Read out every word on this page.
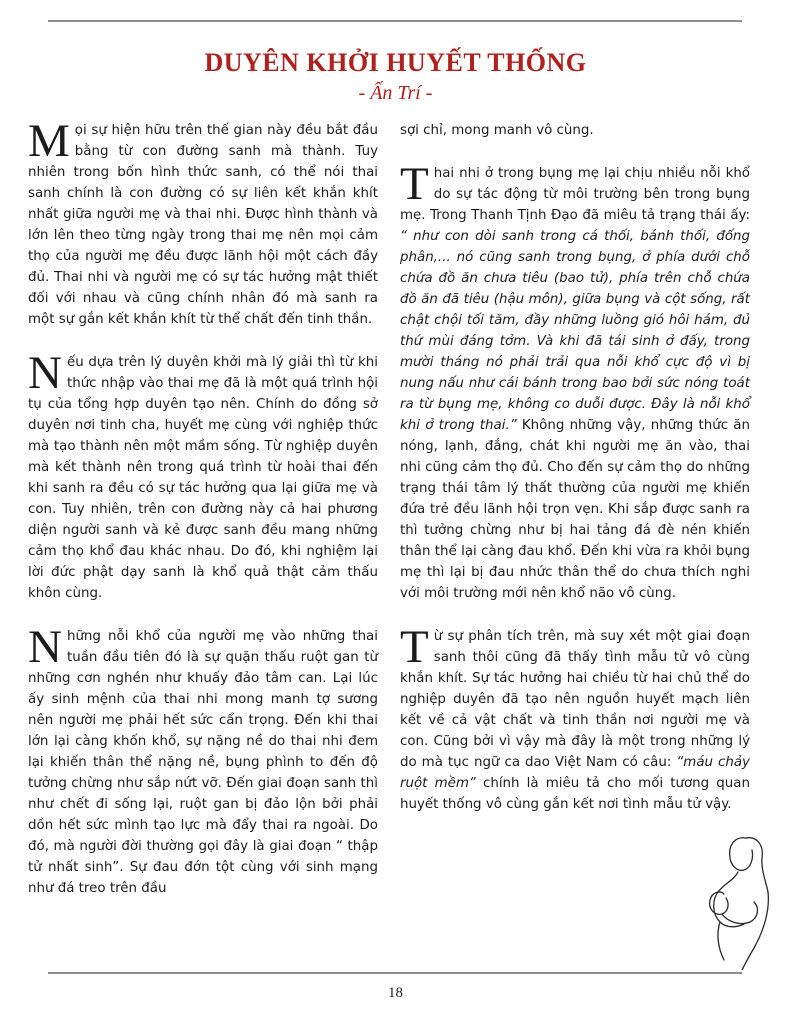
DUYÊN KHỞI HUYẾT THỐNG
- Ấn Trí -

Mọi sự hiện hữu trên thế gian này đều bắt đầu bằng từ con đường sanh mà thành. Tuy nhiên trong bốn hình thức sanh, có thể nói thai sanh chính là con đường có sự liên kết khắn khít nhất giữa người mẹ và thai nhi. Được hình thành và lớn lên theo từng ngày trong thai mẹ nên mọi cảm thọ của người mẹ đều được lãnh hội một cách đầy đủ. Thai nhi và người mẹ có sự tác hưởng mật thiết đối với nhau và cũng chính nhân đó mà sanh ra một sự gắn kết khắn khít từ thể chất đến tinh thần.

Nếu dựa trên lý duyên khởi mà lý giải thì từ khi thức nhập vào thai mẹ đã là một quá trình hội tụ của tổng hợp duyên tạo nên. Chính do đồng sở duyên nơi tinh cha, huyết mẹ cùng với nghiệp thức mà tạo thành nên một mầm sống. Từ nghiệp duyên mà kết thành nên trong quá trình từ hoài thai đến khi sanh ra đều có sự tác hưởng qua lại giữa mẹ và con. Tuy nhiên, trên con đường này cả hai phương diện người sanh và kẻ được sanh đều mang những cảm thọ khổ đau khác nhau. Do đó, khi nghiệm lại lời đức phật dạy sanh là khổ quả thật cảm thấu khôn cùng.

Những nỗi khổ của người mẹ vào những thai tuần đầu tiên đó là sự quặn thấu ruột gan từ những cơn nghén như khuấy đảo tâm can. Lại lúc ấy sinh mệnh của thai nhi mong manh tợ sương nên người mẹ phải hết sức cẩn trọng. Đến khi thai lớn lại càng khốn khổ, sự nặng nề do thai nhi đem lại khiến thân thể nặng nề, bụng phình to đến độ tưởng chừng như sắp nứt vỡ. Đến giai đoạn sanh thì như chết đi sống lại, ruột gan bị đảo lộn bởi phải dồn hết sức mình tạo lực mà đẩy thai ra ngoài. Do đó, mà người đời thường gọi đây là giai đoạn “ thập tử nhất sinh”. Sự đau đớn tột cùng với sinh mạng như đá treo trên đầu

sợi chỉ, mong manh vô cùng.

Thai nhi ở trong bụng mẹ lại chịu nhiều nỗi khổ do sự tác động từ môi trường bên trong bụng mẹ. Trong Thanh Tịnh Đạo đã miêu tả trạng thái ấy: “ như con dòi sanh trong cá thối, bánh thối, đống phân,... nó cũng sanh trong bụng, ở phía dưới chỗ chứa đồ ăn chưa tiêu (bao tử), phía trên chỗ chứa đồ ăn đã tiêu (hậu môn), giữa bụng và cột sống, rất chật chội tối tăm, đầy những luồng gió hôi hám, đủ thứ mùi đáng tởm. Và khi đã tái sinh ở đấy, trong mười tháng nó phải trải qua nỗi khổ cực độ vì bị nung nấu như cái bánh trong bao bởi sức nóng toát ra từ bụng mẹ, không co duỗi được. Đây là nỗi khổ khi ở trong thai.” Không những vậy, những thức ăn nóng, lạnh, đắng, chát khi người mẹ ăn vào, thai nhi cũng cảm thọ đủ. Cho đến sự cảm thọ do những trạng thái tâm lý thất thường của người mẹ khiến đứa trẻ đều lãnh hội trọn vẹn. Khi sắp được sanh ra thì tưởng chừng như bị hai tảng đá đè nén khiến thân thể lại càng đau khổ. Đến khi vừa ra khỏi bụng mẹ thì lại bị đau nhức thân thể do chưa thích nghi với môi trường mới nên khổ não vô cùng.

Từ sự phân tích trên, mà suy xét một giai đoạn sanh thôi cũng đã thấy tình mẫu tử vô cùng khắn khít. Sự tác hưởng hai chiều từ hai chủ thể do nghiệp duyên đã tạo nên nguồn huyết mạch liên kết về cả vật chất và tinh thần nơi người mẹ và con. Cũng bởi vì vậy mà đây là một trong những lý do mà tục ngữ ca dao Việt Nam có câu: “máu chảy ruột mềm” chính là miêu tả cho mối tương quan huyết thống vô cùng gắn kết nơi tình mẫu tử vậy.

18
